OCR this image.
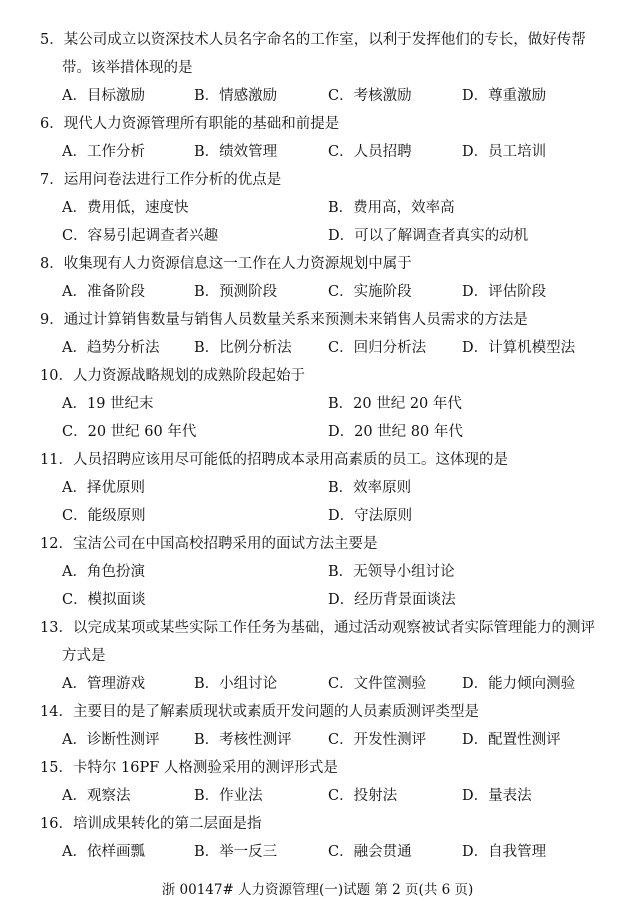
5．某公司成立以资深技术人员名字命名的工作室，以利于发挥他们的专长，做好传帮
带。该举措体现的是
A．目标激励	B．情感激励	C．考核激励	D．尊重激励
6．现代人力资源管理所有职能的基础和前提是
A．工作分析	B．绩效管理	C．人员招聘	D．员工培训
7．运用问卷法进行工作分析的优点是
A．费用低，速度快	B．费用高，效率高
C．容易引起调查者兴趣	D．可以了解调查者真实的动机
8．收集现有人力资源信息这一工作在人力资源规划中属于
A．准备阶段	B．预测阶段	C．实施阶段	D．评估阶段
9．通过计算销售数量与销售人员数量关系来预测未来销售人员需求的方法是
A．趋势分析法 B．比例分析法	C．回归分析法 D．计算机模型法
10．人力资源战略规划的成熟阶段起始于
A．19 世纪末	B．20 世纪 20 年代
C．20 世纪 60 年代	D．20 世纪 80 年代
11．人员招聘应该用尽可能低的招聘成本录用高素质的员工。这体现的是
A．择优原则	B．效率原则
C．能级原则	D．守法原则
12．宝洁公司在中国高校招聘采用的面试方法主要是
A．角色扮演	B．无领导小组讨论
C．模拟面谈	D．经历背景面谈法
13．以完成某项或某些实际工作任务为基础，通过活动观察被试者实际管理能力的测评
方式是
A．管理游戏	B．小组讨论	C．文件筐测验 D．能力倾向测验
14．主要目的是了解素质现状或素质开发问题的人员素质测评类型是
A．诊断性测评 B．考核性测评	C．开发性测评 D．配置性测评
15．卡特尔 16PF 人格测验采用的测评形式是
A．观察法	B．作业法	C．投射法	D．量表法
16．培训成果转化的第二层面是指
A．依样画瓢	B．举一反三	C．融会贯通	D．自我管理
浙 00147# 人力资源管理(一)试题 第 2 页(共 6 页)
